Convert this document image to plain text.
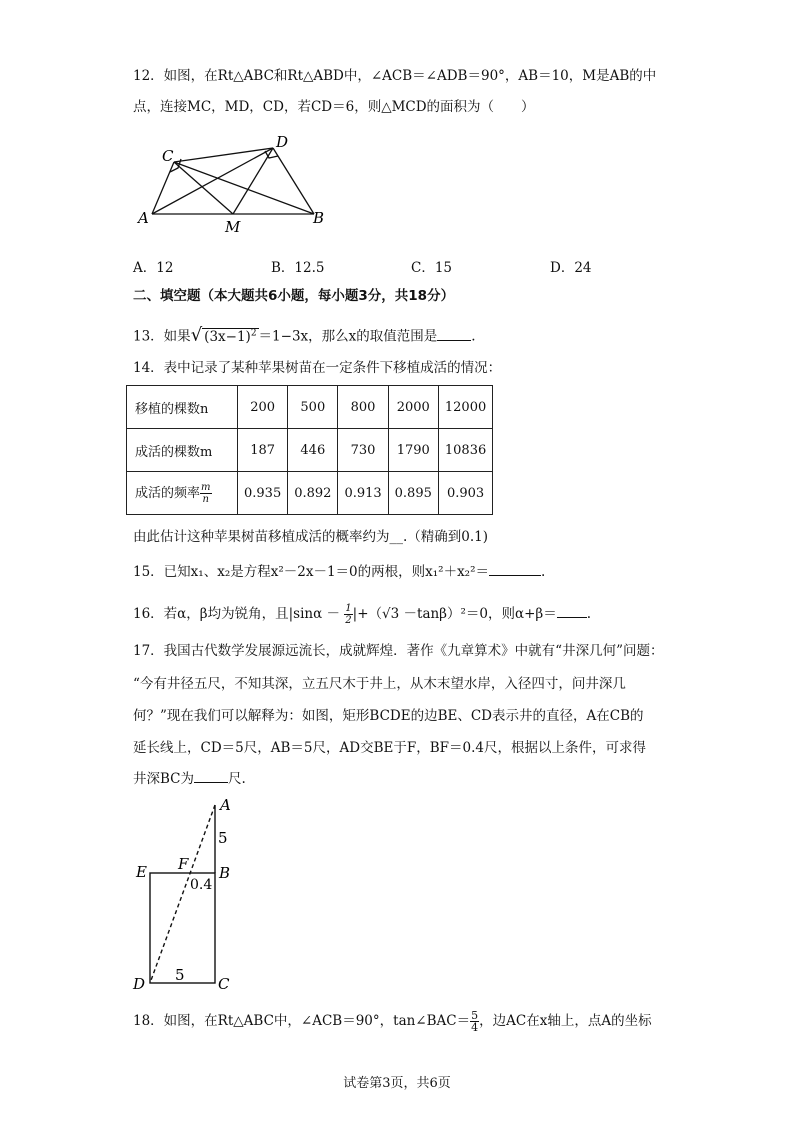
12．如图，在Rt△ABC和Rt△ABD中，∠ACB＝∠ADB＝90°，AB＝10，M是AB的中
点，连接MC，MD，CD，若CD＝6，则△MCD的面积为（　　）
C
D
A	B
M
A．12	B．12.5	C．15	D．24
二、填空题（本大题共6小题，每小题3分，共18分）
13．如果√ $(3x-1)^2 =1-3x$，那么x的取值范围是	.
14．表中记录了某种苹果树苗在一定条件下移植成活的情况：
移植的棵数n	200	500	800	2000	12000
成活的棵数m	187	446	730	1790	10836
成活的频率 $\frac{m}{n}$	0.935	0.892	0.913	0.895	0.903
由此估计这种苹果树苗移植成活的概率约为__.（精确到0.1)
15．已知x₁、x₂是方程x²－2x－1＝0的两根，则x₁²＋x₂²＝	.
16．若α，β均为锐角，且$|\sin\alpha - \frac{1}{2} |+(√3 -\tan\beta)^2=0$，则α+β＝ .
17．我国古代数学发展源远流长，成就辉煌．著作《九章算术》中就有“井深几何”问题：
“今有井径五尺，不知其深，立五尺木于井上，从木末望水岸，入径四寸，问井深几
何？”现在我们可以解释为：如图，矩形BCDE的边BE、CD表示井的直径，A在CB的
延长线上，CD＝5尺，AB＝5尺，AD交BE于F，BF＝0.4尺，根据以上条件，可求得
井深BC为	尺.
A
5
E F
0.4
B
5
D	C
18．如图，在Rt△ABC中，∠ACB＝90°，tan∠BAC＝ $\frac{5}{4}$ ，边AC在x轴上，点A的坐标
试卷第3页，共6页
